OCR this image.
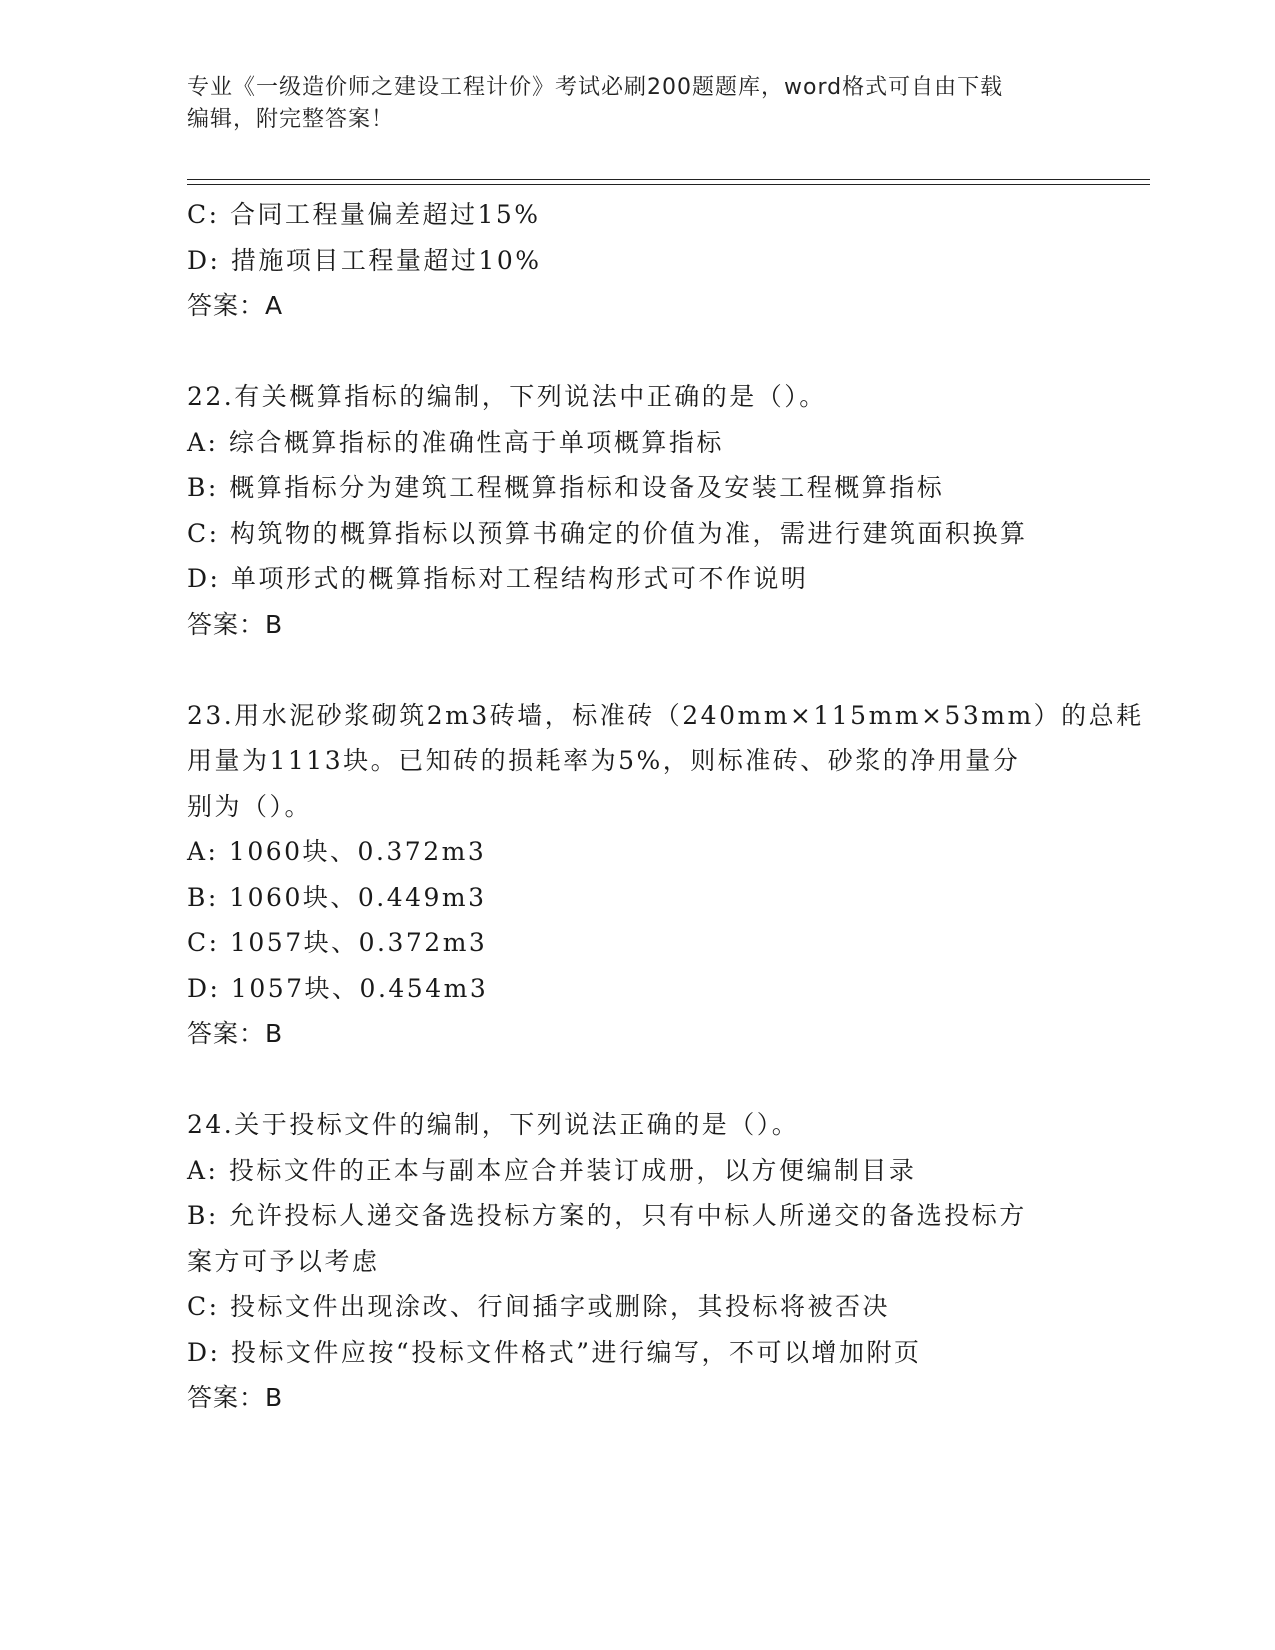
专业《一级造价师之建设工程计价》考试必刷200题题库，word格式可自由下载
编辑，附完整答案！

C: 合同工程量偏差超过15%

D: 措施项目工程量超过10%

答案：A

22.有关概算指标的编制，下列说法中正确的是（）。

A: 综合概算指标的准确性高于单项概算指标

B: 概算指标分为建筑工程概算指标和设备及安装工程概算指标

C: 构筑物的概算指标以预算书确定的价值为准，需进行建筑面积换算

D: 单项形式的概算指标对工程结构形式可不作说明

答案：B

23.用水泥砂浆砌筑2m3砖墙，标准砖（240mm×115mm×53mm）的总耗

用量为1113块。已知砖的损耗率为5%，则标准砖、砂浆的净用量分

别为（）。

A: 1060块、0.372m3

B: 1060块、0.449m3

C: 1057块、0.372m3

D: 1057块、0.454m3

答案：B

24.关于投标文件的编制，下列说法正确的是（）。

A: 投标文件的正本与副本应合并装订成册，以方便编制目录

B: 允许投标人递交备选投标方案的，只有中标人所递交的备选投标方

案方可予以考虑

C: 投标文件出现涂改、行间插字或删除，其投标将被否决

D: 投标文件应按“投标文件格式”进行编写，不可以增加附页

答案：B
